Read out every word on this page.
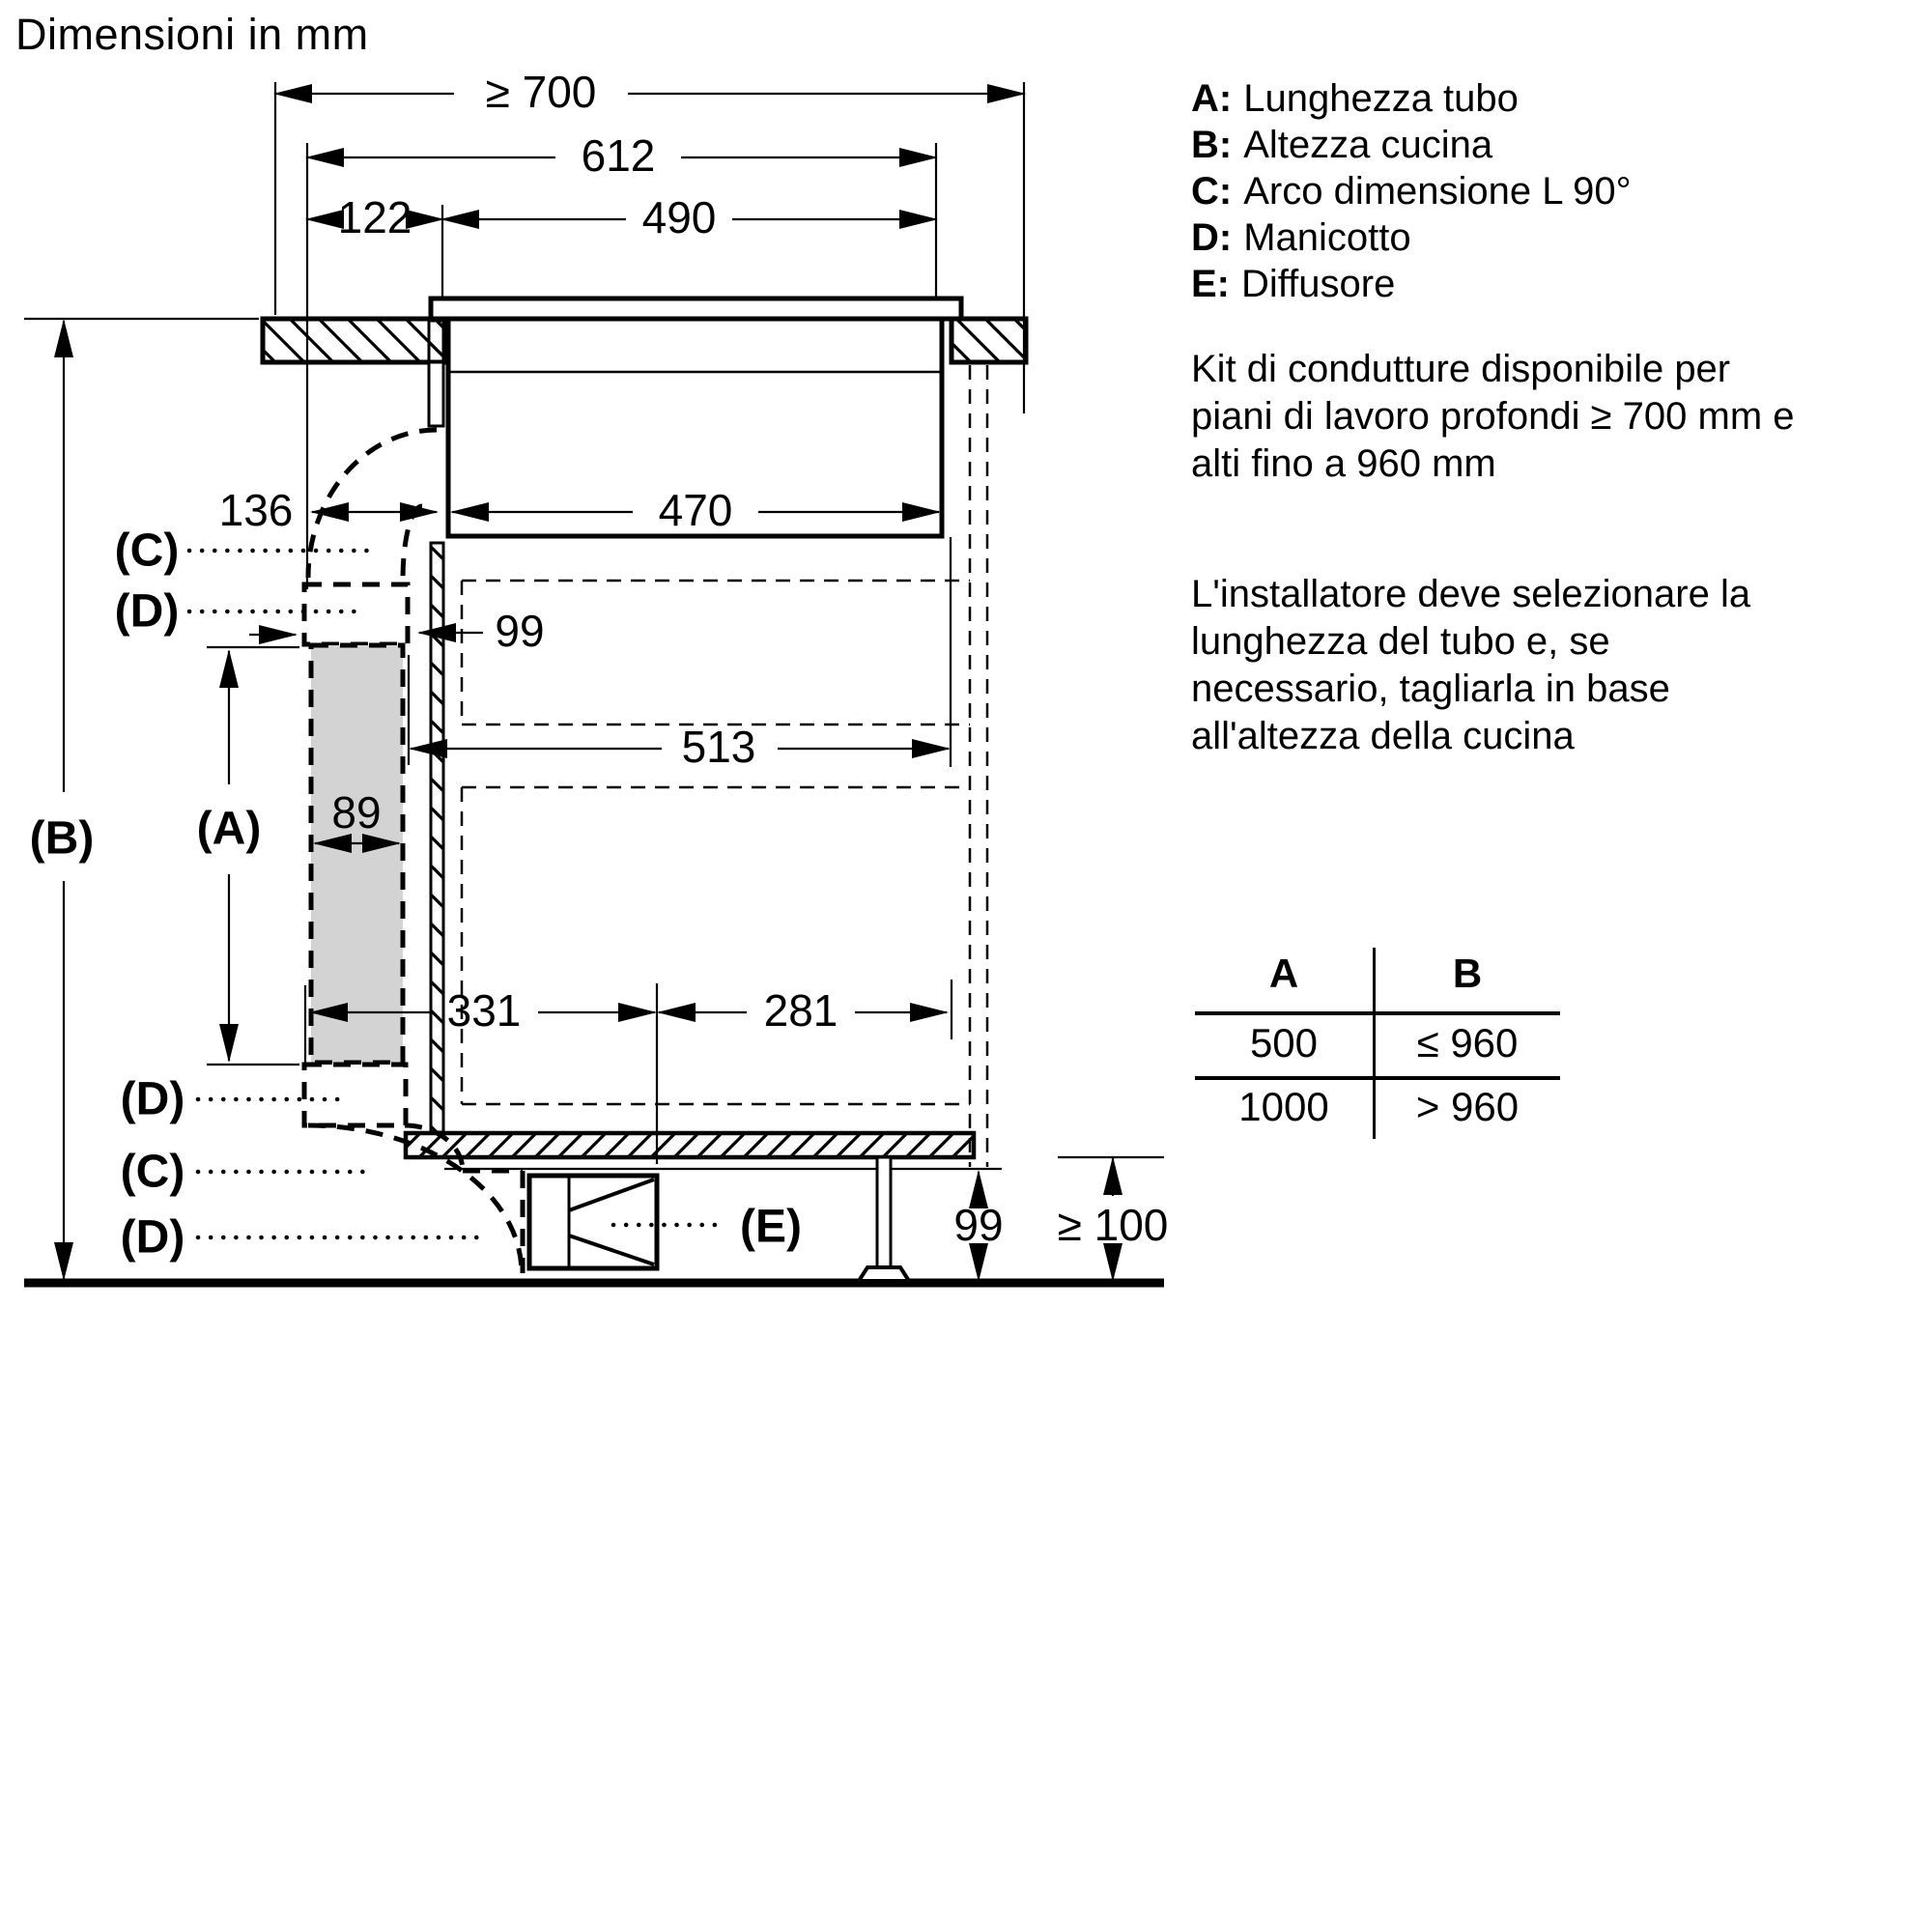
Dimensioni in mm
≥ 700
612
122	490
136	470
99
513
89
331	281
99 ≥ 100
(B) (A)
(C)
(D)
(D)
(C)
(D)	(E)
A: Lunghezza tubo
B: Altezza cucina
C: Arco dimensione L 90°
D: Manicotto
E: Diffusore
Kit di condutture disponibile per
piani di lavoro profondi ≥ 700 mm e
alti fino a 960 mm
L'installatore deve selezionare la
lunghezza del tubo e, se
necessario, tagliarla in base
all'altezza della cucina
A	B
500	≤ 960
1000	> 960
